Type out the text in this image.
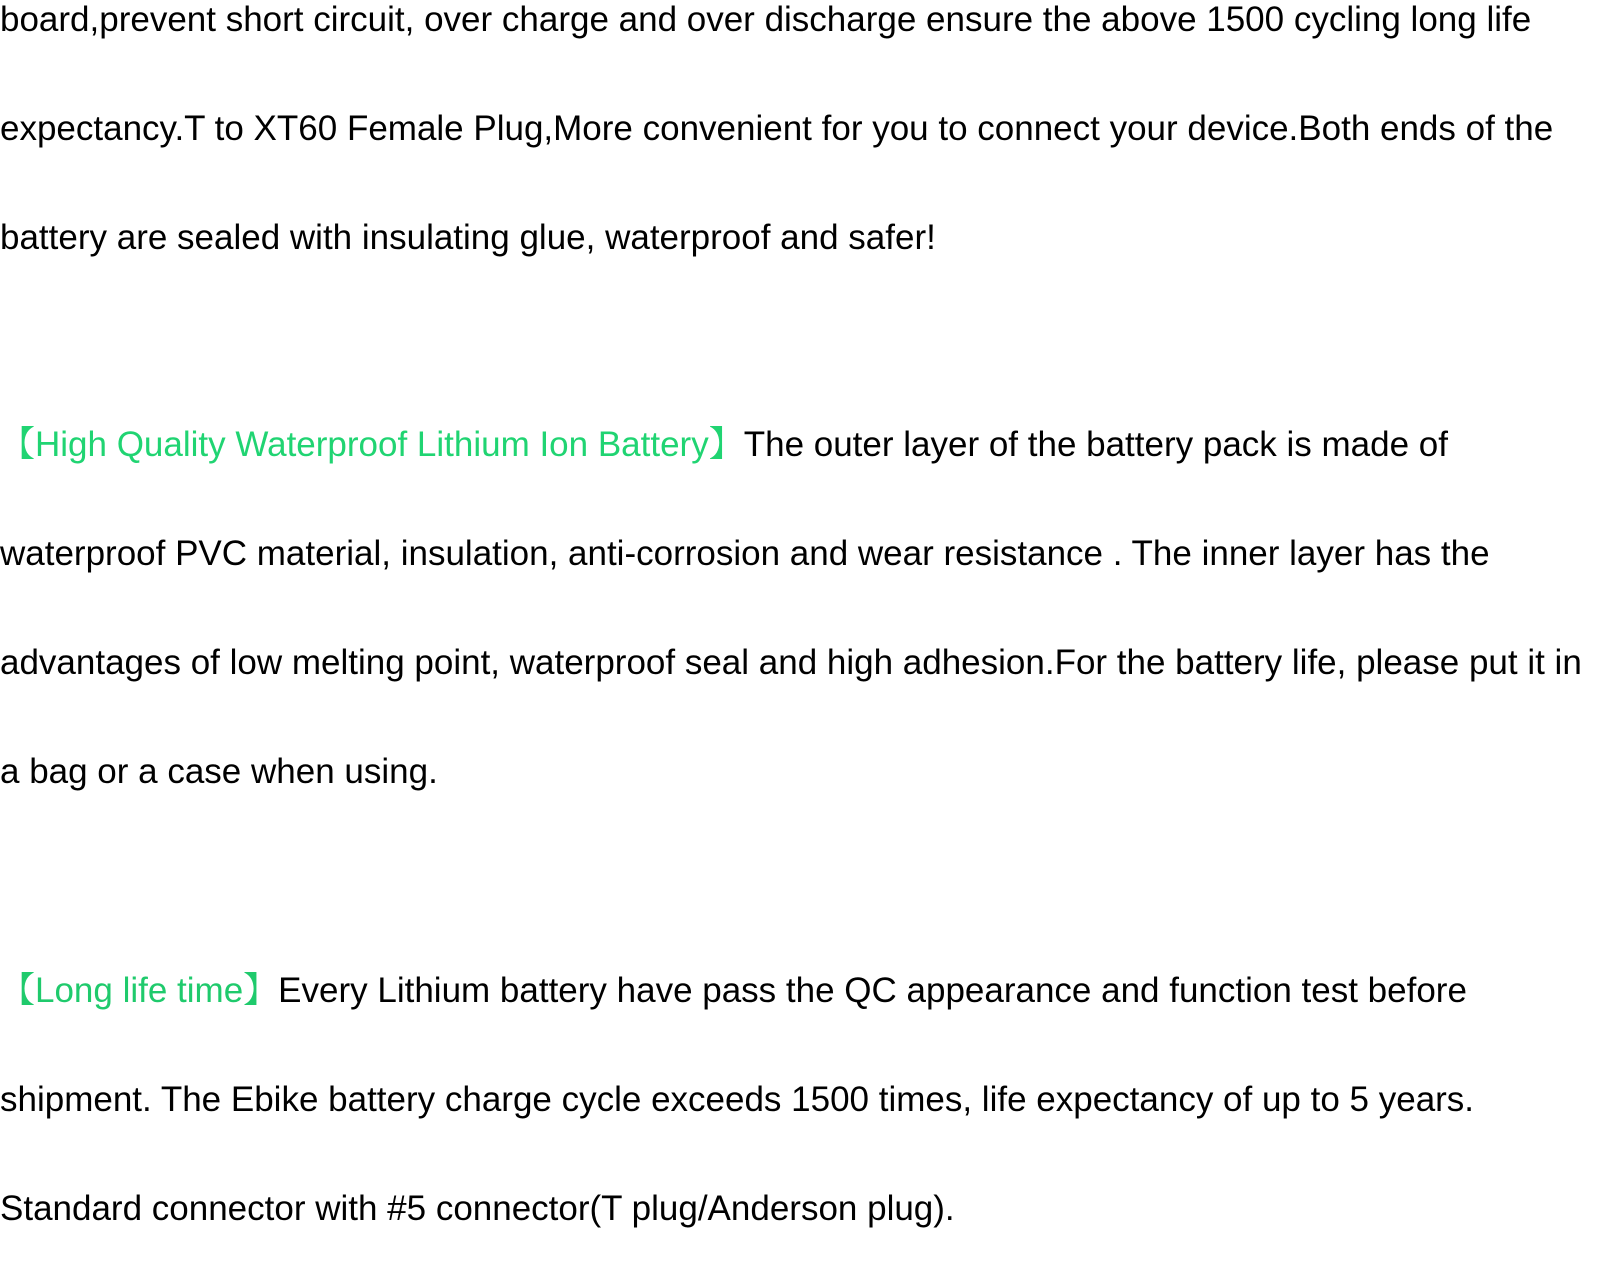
board,prevent short circuit, over charge and over discharge ensure the above 1500 cycling long life expectancy.T to XT60 Female Plug,More convenient for you to connect your device.Both ends of the battery are sealed with insulating glue, waterproof and safer!

【High Quality Waterproof Lithium Ion Battery】The outer layer of the battery pack is made of waterproof PVC material, insulation, anti-corrosion and wear resistance . The inner layer has the advantages of low melting point, waterproof seal and high adhesion.For the battery life, please put it in a bag or a case when using.

【Long life time】Every Lithium battery have pass the QC appearance and function test before shipment. The Ebike battery charge cycle exceeds 1500 times, life expectancy of up to 5 years. Standard connector with #5 connector(T plug/Anderson plug).
